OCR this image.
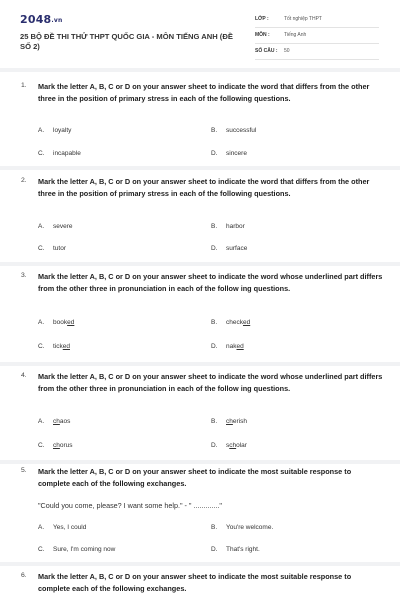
2048.vn
25 BỘ ĐỀ THI THỬ THPT QUỐC GIA - MÔN TIẾNG ANH (ĐỀ SỐ 2)
LỚP :	Tốt nghiệp THPT
MÔN :	Tiếng Anh
SỐ CÂU : 50
1. Mark the letter A, B, C or D on your answer sheet to indicate the word that differs from the other three in the position of primary stress in each of the following questions.
A. loyalty	B. successful
C. incapable	D. sincere
2. Mark the letter A, B, C or D on your answer sheet to indicate the word that differs from the other three in the position of primary stress in each of the following questions.
A. severe	B. harbor
C. tutor	D. surface
3. Mark the letter A, B, C or D on your answer sheet to indicate the word whose underlined part differs from the other three in pronunciation in each of the follow ing questions.
A. booked	B. checked
C. ticked	D. naked
4. Mark the letter A, B, C or D on your answer sheet to indicate the word whose underlined part differs from the other three in pronunciation in each of the follow ing questions.
A. chaos	B. cherish
C. chorus	D. scholar
5. Mark the letter A, B, C or D on your answer sheet to indicate the most suitable response to complete each of the following exchanges.
"Could you come, please? I want some help." - " ............."
A. Yes, I could	B. You're welcome.
C. Sure, I'm coming now	D. That's right.
6. Mark the letter A, B, C or D on your answer sheet to indicate the most suitable response to complete each of the following exchanges.
